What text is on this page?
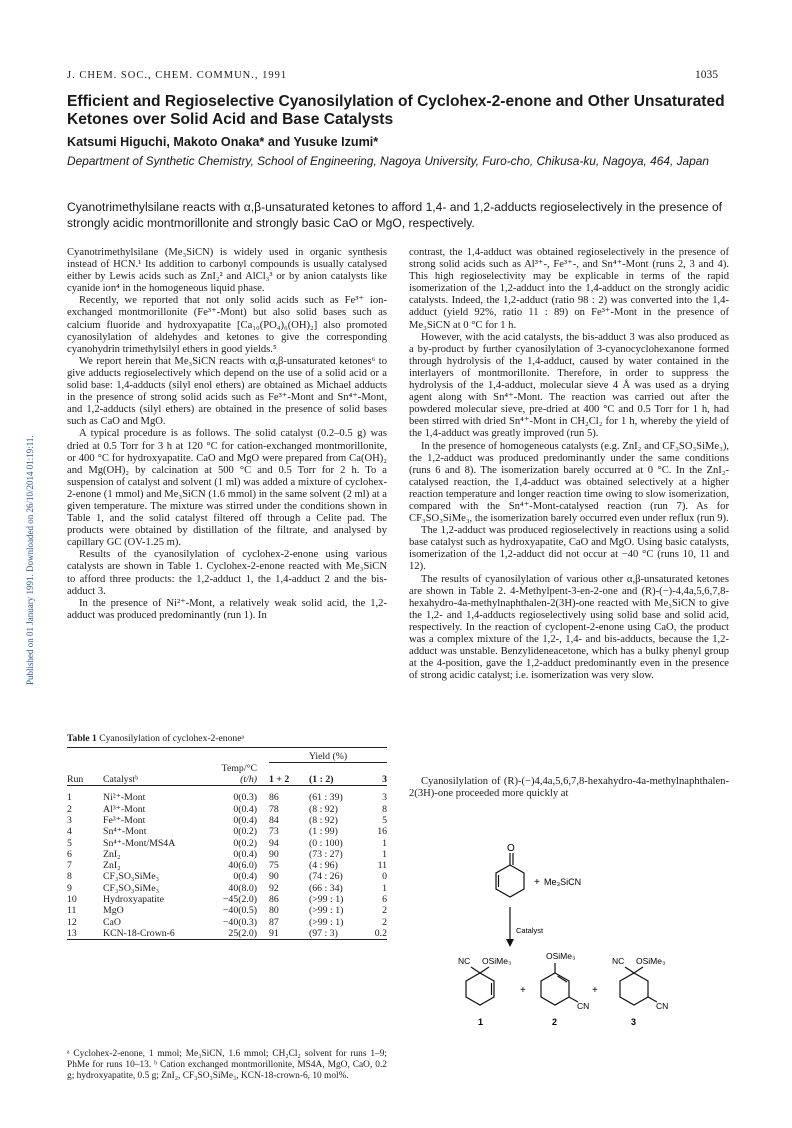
J. CHEM. SOC., CHEM. COMMUN., 1991	1035
Efficient and Regioselective Cyanosilylation of Cyclohex-2-enone and Other Unsaturated Ketones over Solid Acid and Base Catalysts
Katsumi Higuchi, Makoto Onaka* and Yusuke Izumi*
Department of Synthetic Chemistry, School of Engineering, Nagoya University, Furo-cho, Chikusa-ku, Nagoya, 464, Japan
Cyanotrimethylsilane reacts with α,β-unsaturated ketones to afford 1,4- and 1,2-adducts regioselectively in the presence of strongly acidic montmorillonite and strongly basic CaO or MgO, respectively.
Published on 01 January 1991. Downloaded on 26/10/2014 01:19:11.

Cyanotrimethylsilane (Me₃SiCN) is widely used in organic synthesis instead of HCN.¹ Its addition to carbonyl compounds is usually catalysed either by Lewis acids such as ZnI₂² and AlCl₃³ or by anion catalysts like cyanide ion⁴ in the homogeneous liquid phase.

Recently, we reported that not only solid acids such as Fe³⁺ ion-exchanged montmorillonite (Fe³⁺-Mont) but also solid bases such as calcium fluoride and hydroxyapatite [Ca₁₀(PO₄)₆(OH)₂] also promoted cyanosilylation of aldehydes and ketones to give the corresponding cyanohydrin trimethylsilyl ethers in good yields.⁵

We report herein that Me₃SiCN reacts with α,β-unsaturated ketones⁶ to give adducts regioselectively which depend on the use of a solid acid or a solid base: 1,4-adducts (silyl enol ethers) are obtained as Michael adducts in the presence of strong solid acids such as Fe³⁺-Mont and Sn⁴⁺-Mont, and 1,2-adducts (silyl ethers) are obtained in the presence of solid bases such as CaO and MgO.

A typical procedure is as follows. The solid catalyst (0.2–0.5 g) was dried at 0.5 Torr for 3 h at 120 °C for cation-exchanged montmorillonite, or 400 °C for hydroxyapatite. CaO and MgO were prepared from Ca(OH)₂ and Mg(OH)₂ by calcination at 500 °C and 0.5 Torr for 2 h. To a suspension of catalyst and solvent (1 ml) was added a mixture of cyclohex-2-enone (1 mmol) and Me₃SiCN (1.6 mmol) in the same solvent (2 ml) at a given temperature. The mixture was stirred under the conditions shown in Table 1, and the solid catalyst filtered off through a Celite pad. The products were obtained by distillation of the filtrate, and analysed by capillary GC (OV-1.25 m).

Results of the cyanosilylation of cyclohex-2-enone using various catalysts are shown in Table 1. Cyclohex-2-enone reacted with Me₃SiCN to afford three products: the 1,2-adduct 1, the 1,4-adduct 2 and the bis-adduct 3.

In the presence of Ni²⁺-Mont, a relatively weak solid acid, the 1,2-adduct was produced predominantly (run 1). In

contrast, the 1,4-adduct was obtained regioselectively in the presence of strong solid acids such as Al³⁺-, Fe³⁺-, and Sn⁴⁺-Mont (runs 2, 3 and 4). This high regioselectivity may be explicable in terms of the rapid isomerization of the 1,2-adduct into the 1,4-adduct on the strongly acidic catalysts. Indeed, the 1,2-adduct (ratio 98 : 2) was converted into the 1,4-adduct (yield 92%, ratio 11 : 89) on Fe³⁺-Mont in the presence of Me₃SiCN at 0 °C for 1 h.

However, with the acid catalysts, the bis-adduct 3 was also produced as a by-product by further cyanosilylation of 3-cyanocyclohexanone formed through hydrolysis of the 1,4-adduct, caused by water contained in the interlayers of montmorillonite. Therefore, in order to suppress the hydrolysis of the 1,4-adduct, molecular sieve 4 Å was used as a drying agent along with Sn⁴⁺-Mont. The reaction was carried out after the powdered molecular sieve, pre-dried at 400 °C and 0.5 Torr for 1 h, had been stirred with dried Sn⁴⁺-Mont in CH₂Cl₂ for 1 h, whereby the yield of the 1,4-adduct was greatly improved (run 5).

In the presence of homogeneous catalysts (e.g. ZnI₂ and CF₃SO₃SiMe₃), the 1,2-adduct was produced predominantly under the same conditions (runs 6 and 8). The isomerization barely occurred at 0 °C. In the ZnI₂-catalysed reaction, the 1,4-adduct was obtained selectively at a higher reaction temperature and longer reaction time owing to slow isomerization, compared with the Sn⁴⁺-Mont-catalysed reaction (run 7). As for CF₃SO₃SiMe₃, the isomerization barely occurred even under reflux (run 9).

The 1,2-adduct was produced regioselectively in reactions using a solid base catalyst such as hydroxyapatite, CaO and MgO. Using basic catalysts, isomerization of the 1,2-adduct did not occur at −40 °C (runs 10, 11 and 12).

The results of cyanosilylation of various other α,β-unsaturated ketones are shown in Table 2. 4-Methylpent-3-en-2-one and (R)-(−)-4,4a,5,6,7,8-hexahydro-4a-methylnaphthalen-2(3H)-one reacted with Me₃SiCN to give the 1,2- and 1,4-adducts regioselectively using solid base and solid acid, respectively. In the reaction of cyclopent-2-enone using CaO, the product was a complex mixture of the 1,2-, 1,4- and bis-adducts, because the 1,2-adduct was unstable. Benzylideneacetone, which has a bulky phenyl group at the 4-position, gave the 1,2-adduct predominantly even in the presence of strong acidic catalyst; i.e. isomerization was very slow.

Cyanosilylation of (R)-(−)4,4a,5,6,7,8-hexahydro-4a-methylnaphthalen-2(3H)-one proceeded more quickly at

Table 1 Cyanosilylation of cyclohex-2-enoneᵃ
			Yield (%)		
		Temp/°C			
Run	Catalystᵇ	(t/h)	1 + 2	(1 : 2)	3

1	Ni²⁺-Mont	0(0.3)	86	(61 : 39)	3
2	Al³⁺-Mont	0(0.4)	78	(8 : 92)	8
3	Fe³⁺-Mont	0(0.4)	84	(8 : 92)	5
4	Sn⁴⁺-Mont	0(0.2)	73	(1 : 99)	16
5	Sn⁴⁺-Mont/MS4A	0(0.2)	94	(0 : 100)	1
6	ZnI₂	0(0.4)	90	(73 : 27)	1
7	ZnI₂	40(6.0)	75	(4 : 96)	11
8	CF₃SO₃SiMe₃	0(0.4)	90	(74 : 26)	0
9	CF₃SO₃SiMe₃	40(8.0)	92	(66 : 34)	1
10	Hydroxyapatite	−45(2.0)	86	(>99 : 1)	6
11	MgO	−40(0.5)	80	(>99 : 1)	2
12	CaO	−40(0.3)	87	(>99 : 1)	2
13	KCN-18-Crown-6	25(2.0)	91	(97 : 3)	0.2
ᵃ Cyclohex-2-enone, 1 mmol; Me₃SiCN, 1.6 mmol; CH₂Cl₂ solvent for runs 1–9; PhMe for runs 10–13. ᵇ Cation exchanged montmorillonite, MS4A, MgO, CaO, 0.2 g; hydroxyapatite, 0.5 g; ZnI₂, CF₃SO₃SiMe₃, KCN-18-crown-6, 10 mol%.
O
+ Me₃SiCN
Catalyst
NC OSiMe₃
+
OSiMe₃
CN
+
NC OSiMe₃
CN
1	2	3
